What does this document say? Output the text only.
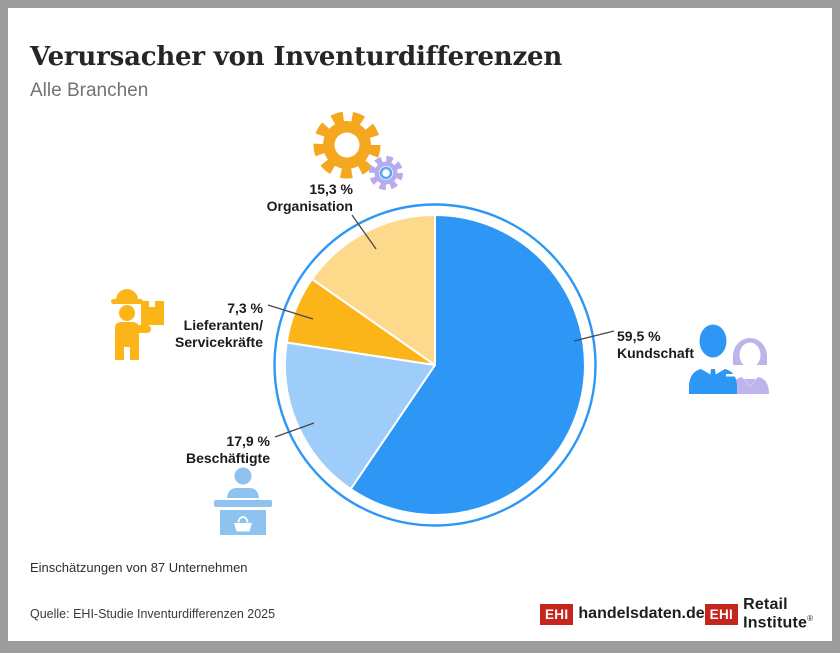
Verursacher von Inventurdifferenzen
Alle Branchen
15,3 %
Organisation
7,3 %
Lieferanten/
Servicekräfte
17,9 %
Beschäftigte
59,5 %
Kundschaft
Einschätzungen von 87 Unternehmen
Quelle: EHI-Studie Inventurdifferenzen 2025	EHI handelsdaten.de EHI
Retail Institute®
